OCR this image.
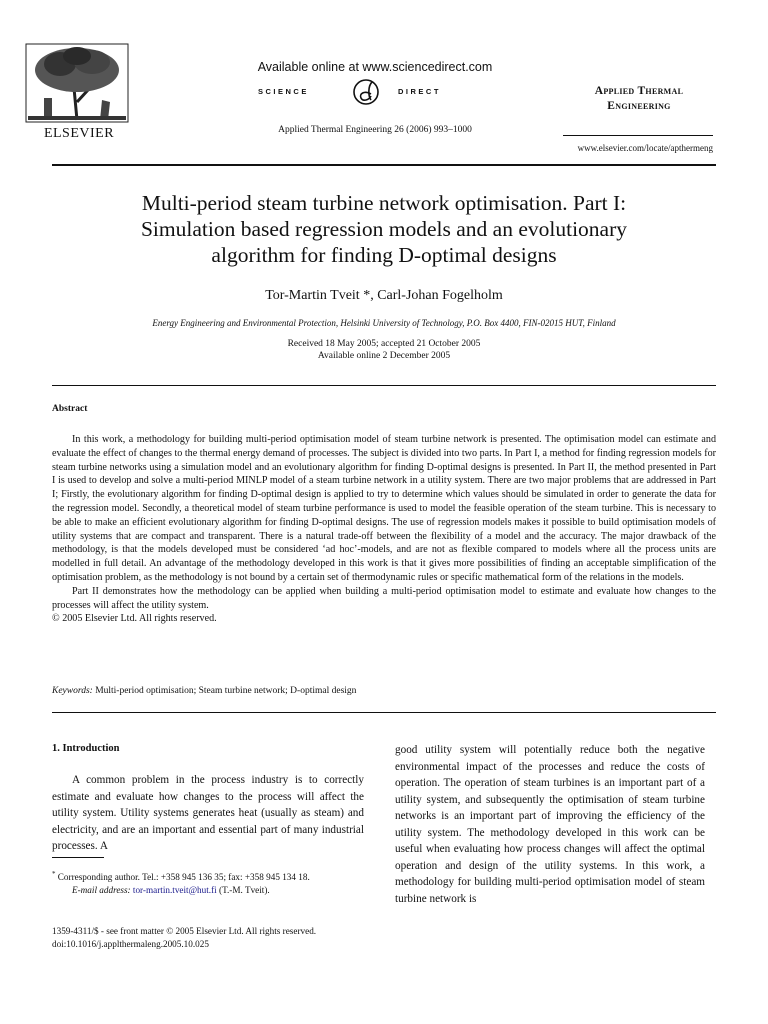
ELSEVIER
Available online at www.sciencedirect.com
SCIENCE	DIRECT
Applied Thermal Engineering 26 (2006) 993–1000
Applied Thermal
Engineering
www.elsevier.com/locate/apthermeng
Multi-period steam turbine network optimisation. Part I:
Simulation based regression models and an evolutionary
algorithm for finding D-optimal designs
Tor-Martin Tveit *, Carl-Johan Fogelholm
Energy Engineering and Environmental Protection, Helsinki University of Technology, P.O. Box 4400, FIN-02015 HUT, Finland
Received 18 May 2005; accepted 21 October 2005
Available online 2 December 2005
Abstract

In this work, a methodology for building multi-period optimisation model of steam turbine network is presented. The optimisation model can estimate and evaluate the effect of changes to the thermal energy demand of processes. The subject is divided into two parts. In Part I, a method for finding regression models for steam turbine networks using a simulation model and an evolutionary algorithm for finding D-optimal designs is presented. In Part II, the method presented in Part I is used to develop and solve a multi-period MINLP model of a steam turbine network in a utility system. There are two major problems that are addressed in Part I; Firstly, the evolutionary algorithm for finding D-optimal design is applied to try to determine which values should be simulated in order to generate the data for the regression model. Secondly, a theoretical model of steam turbine performance is used to model the feasible operation of the steam turbine. This is necessary to be able to make an efficient evolutionary algorithm for finding D-optimal designs. The use of regression models makes it possible to build optimisation models of utility systems that are compact and transparent. There is a natural trade-off between the flexibility of a model and the accuracy. The major drawback of the methodology, is that the models developed must be considered ‘ad hoc’-models, and are not as flexible compared to models where all the process units are modelled in full detail. An advantage of the methodology developed in this work is that it gives more possibilities of finding an acceptable simplification of the optimisation problem, as the methodology is not bound by a certain set of thermodynamic rules or specific mathematical form of the relations in the models.

Part II demonstrates how the methodology can be applied when building a multi-period optimisation model to estimate and evaluate how changes to the processes will affect the utility system.

© 2005 Elsevier Ltd. All rights reserved.

Keywords: Multi-period optimisation; Steam turbine network; D-optimal design
1. Introduction

A common problem in the process industry is to correctly estimate and evaluate how changes to the process will affect the utility system. Utility systems generates heat (usually as steam) and electricity, and are an important and essential part of many industrial processes. A

good utility system will potentially reduce both the negative environmental impact of the processes and reduce the costs of operation. The operation of steam turbines is an important part of a utility system, and subsequently the optimisation of steam turbine networks is an important part of improving the efficiency of the utility system. The methodology developed in this work can be useful when evaluating how process changes will affect the optimal operation and design of the utility systems. In this work, a methodology for building multi-period optimisation model of steam turbine network is

* Corresponding author. Tel.: +358 945 136 35; fax: +358 945 134 18.
E-mail address: tor-martin.tveit@hut.fi (T.-M. Tveit).
1359-4311/$ - see front matter © 2005 Elsevier Ltd. All rights reserved.
doi:10.1016/j.applthermaleng.2005.10.025
